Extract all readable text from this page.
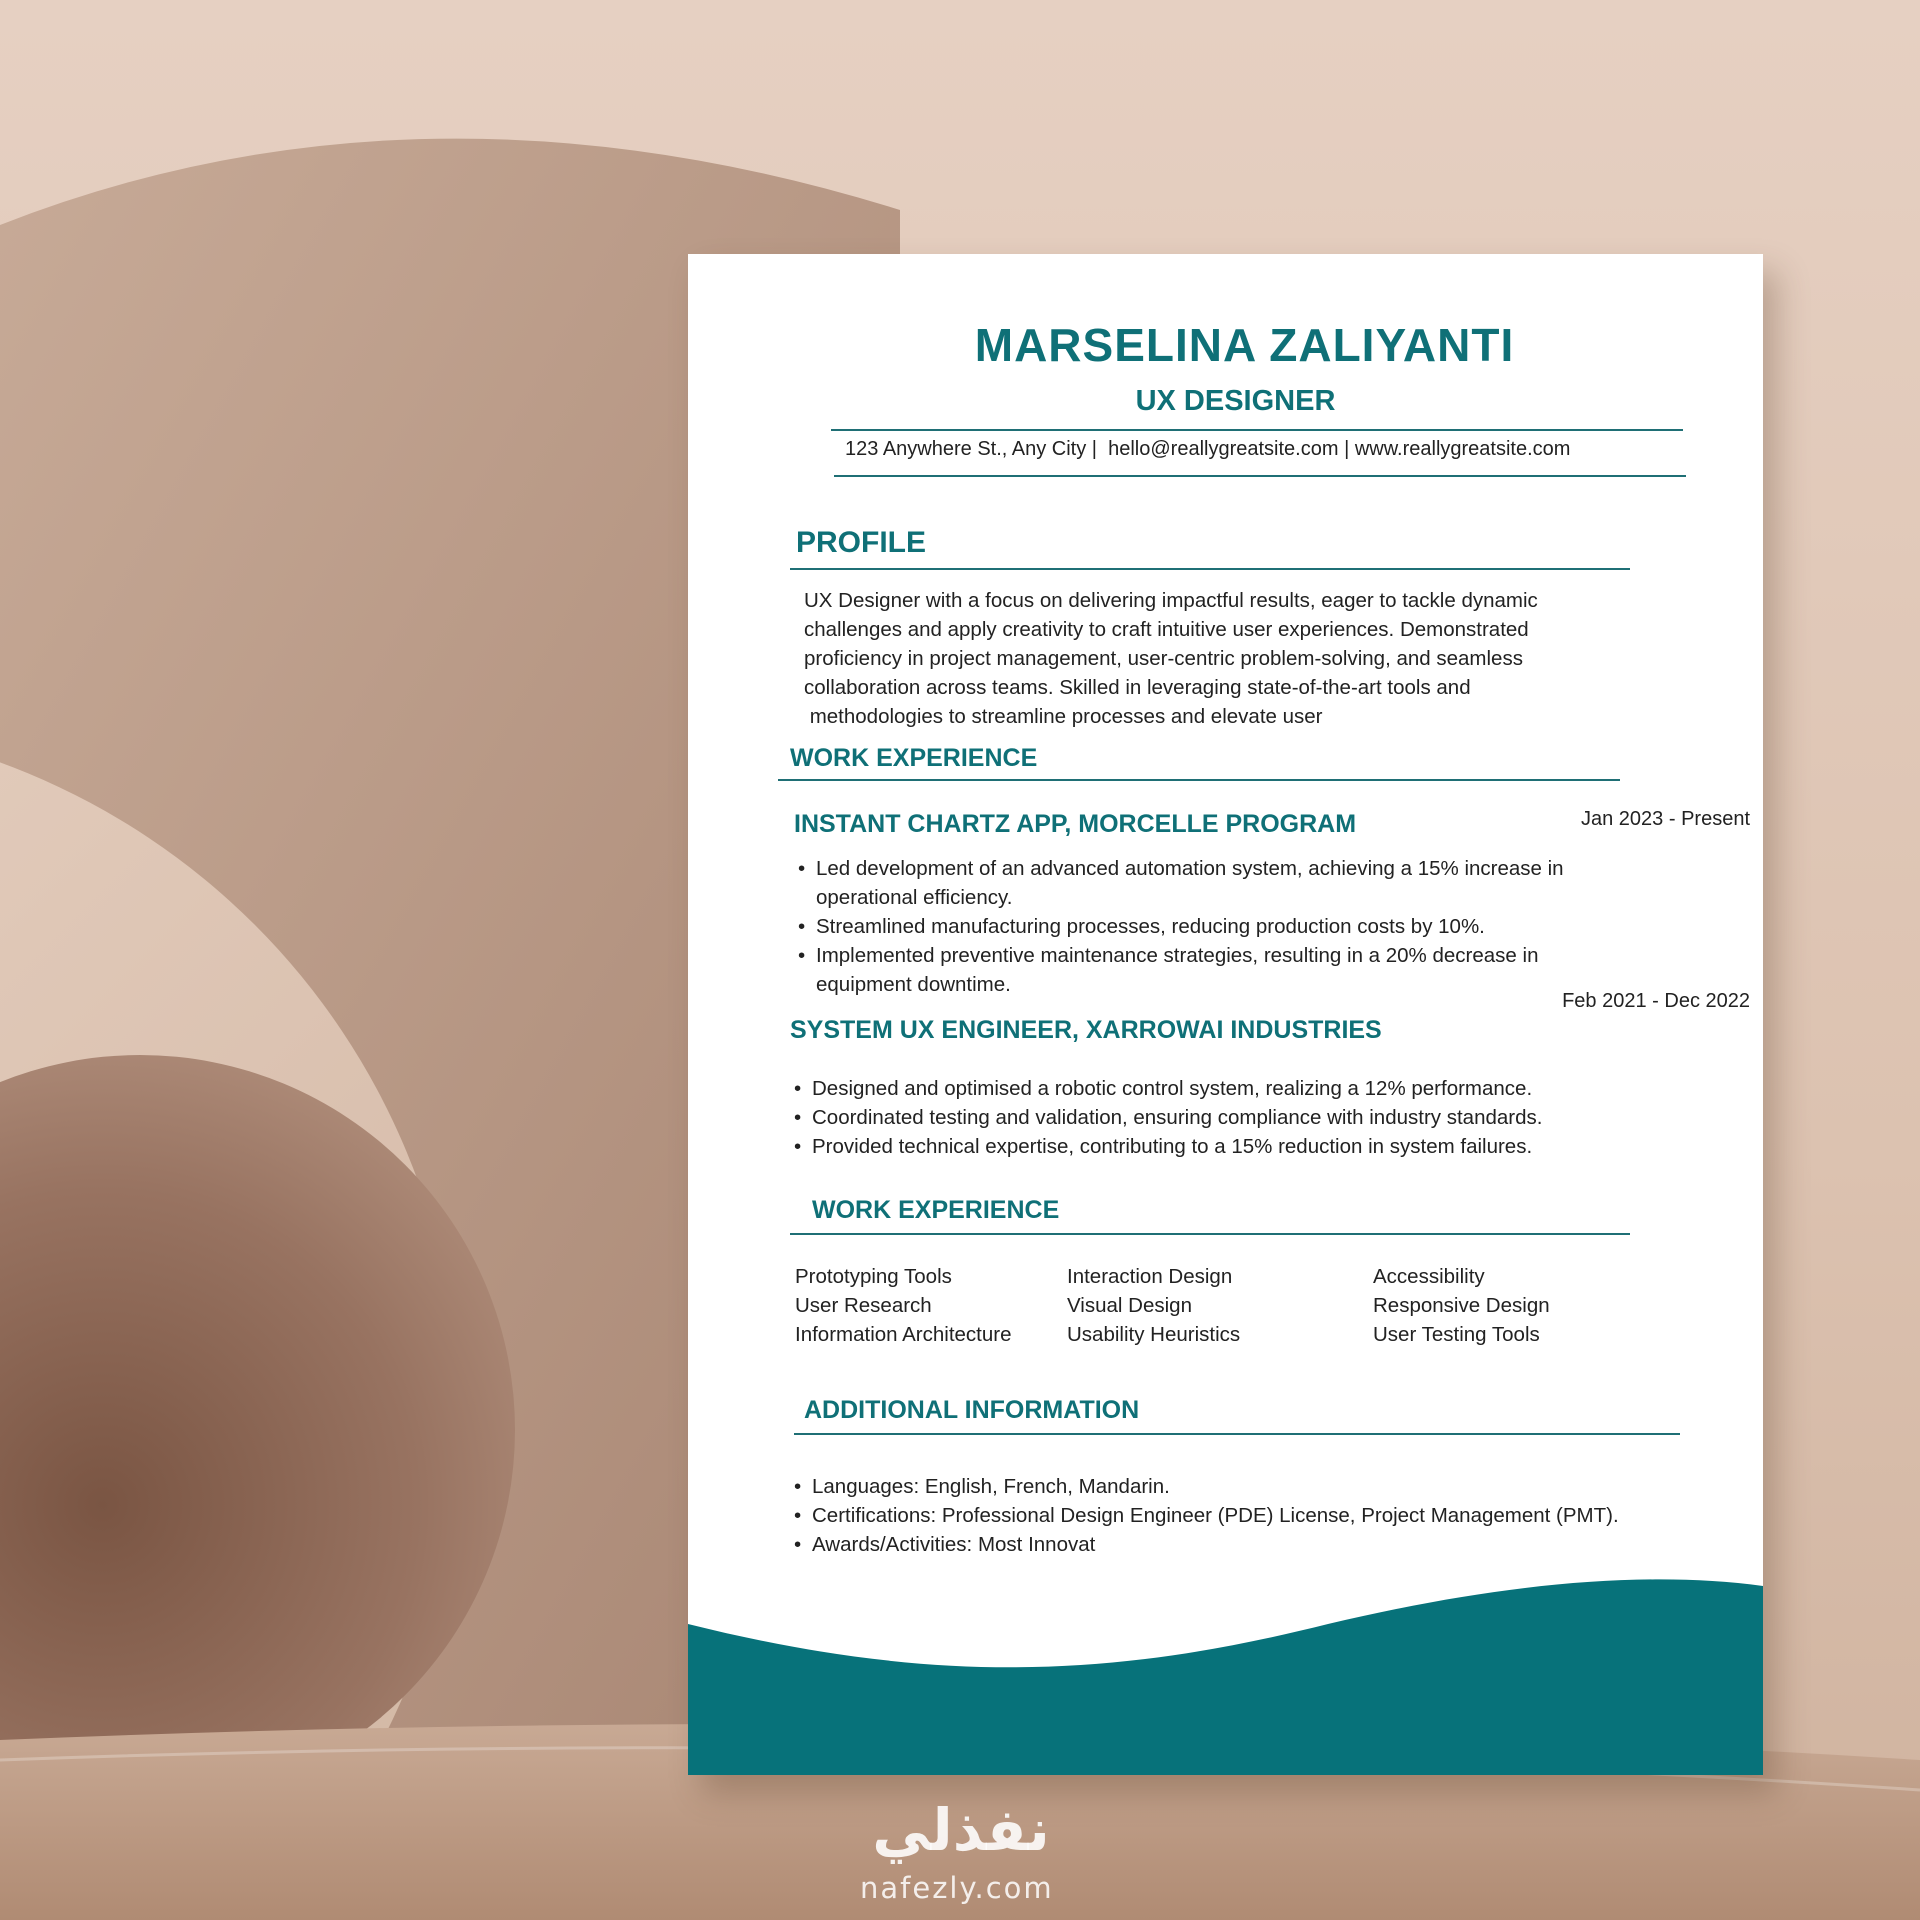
MARSELINA ZALIYANTI
UX DESIGNER
123 Anywhere St., Any City |  hello@reallygreatsite.com | www.reallygreatsite.com
PROFILE
UX Designer with a focus on delivering impactful results, eager to tackle dynamic
challenges and apply creativity to craft intuitive user experiences. Demonstrated
proficiency in project management, user-centric problem-solving, and seamless
collaboration across teams. Skilled in leveraging state-of-the-art tools and
methodologies to streamline processes and elevate user
WORK EXPERIENCE
INSTANT CHARTZ APP, MORCELLE PROGRAM	Jan 2023 - Present
• Led development of an advanced automation system, achieving a 15% increase in
operational efficiency.
• Streamlined manufacturing processes, reducing production costs by 10%.
• Implemented preventive maintenance strategies, resulting in a 20% decrease in
equipment downtime.
Feb 2021 - Dec 2022
SYSTEM UX ENGINEER, XARROWAI INDUSTRIES
• Designed and optimised a robotic control system, realizing a 12% performance.
• Coordinated testing and validation, ensuring compliance with industry standards.
• Provided technical expertise, contributing to a 15% reduction in system failures.
WORK EXPERIENCE
Prototyping Tools
User Research
Information Architecture
Interaction Design
Visual Design
Usability Heuristics
Accessibility
Responsive Design
User Testing Tools
ADDITIONAL INFORMATION
• Languages: English, French, Mandarin.
• Certifications: Professional Design Engineer (PDE) License, Project Management (PMT).
• Awards/Activities: Most Innovat
نفذلي
nafezly.com
